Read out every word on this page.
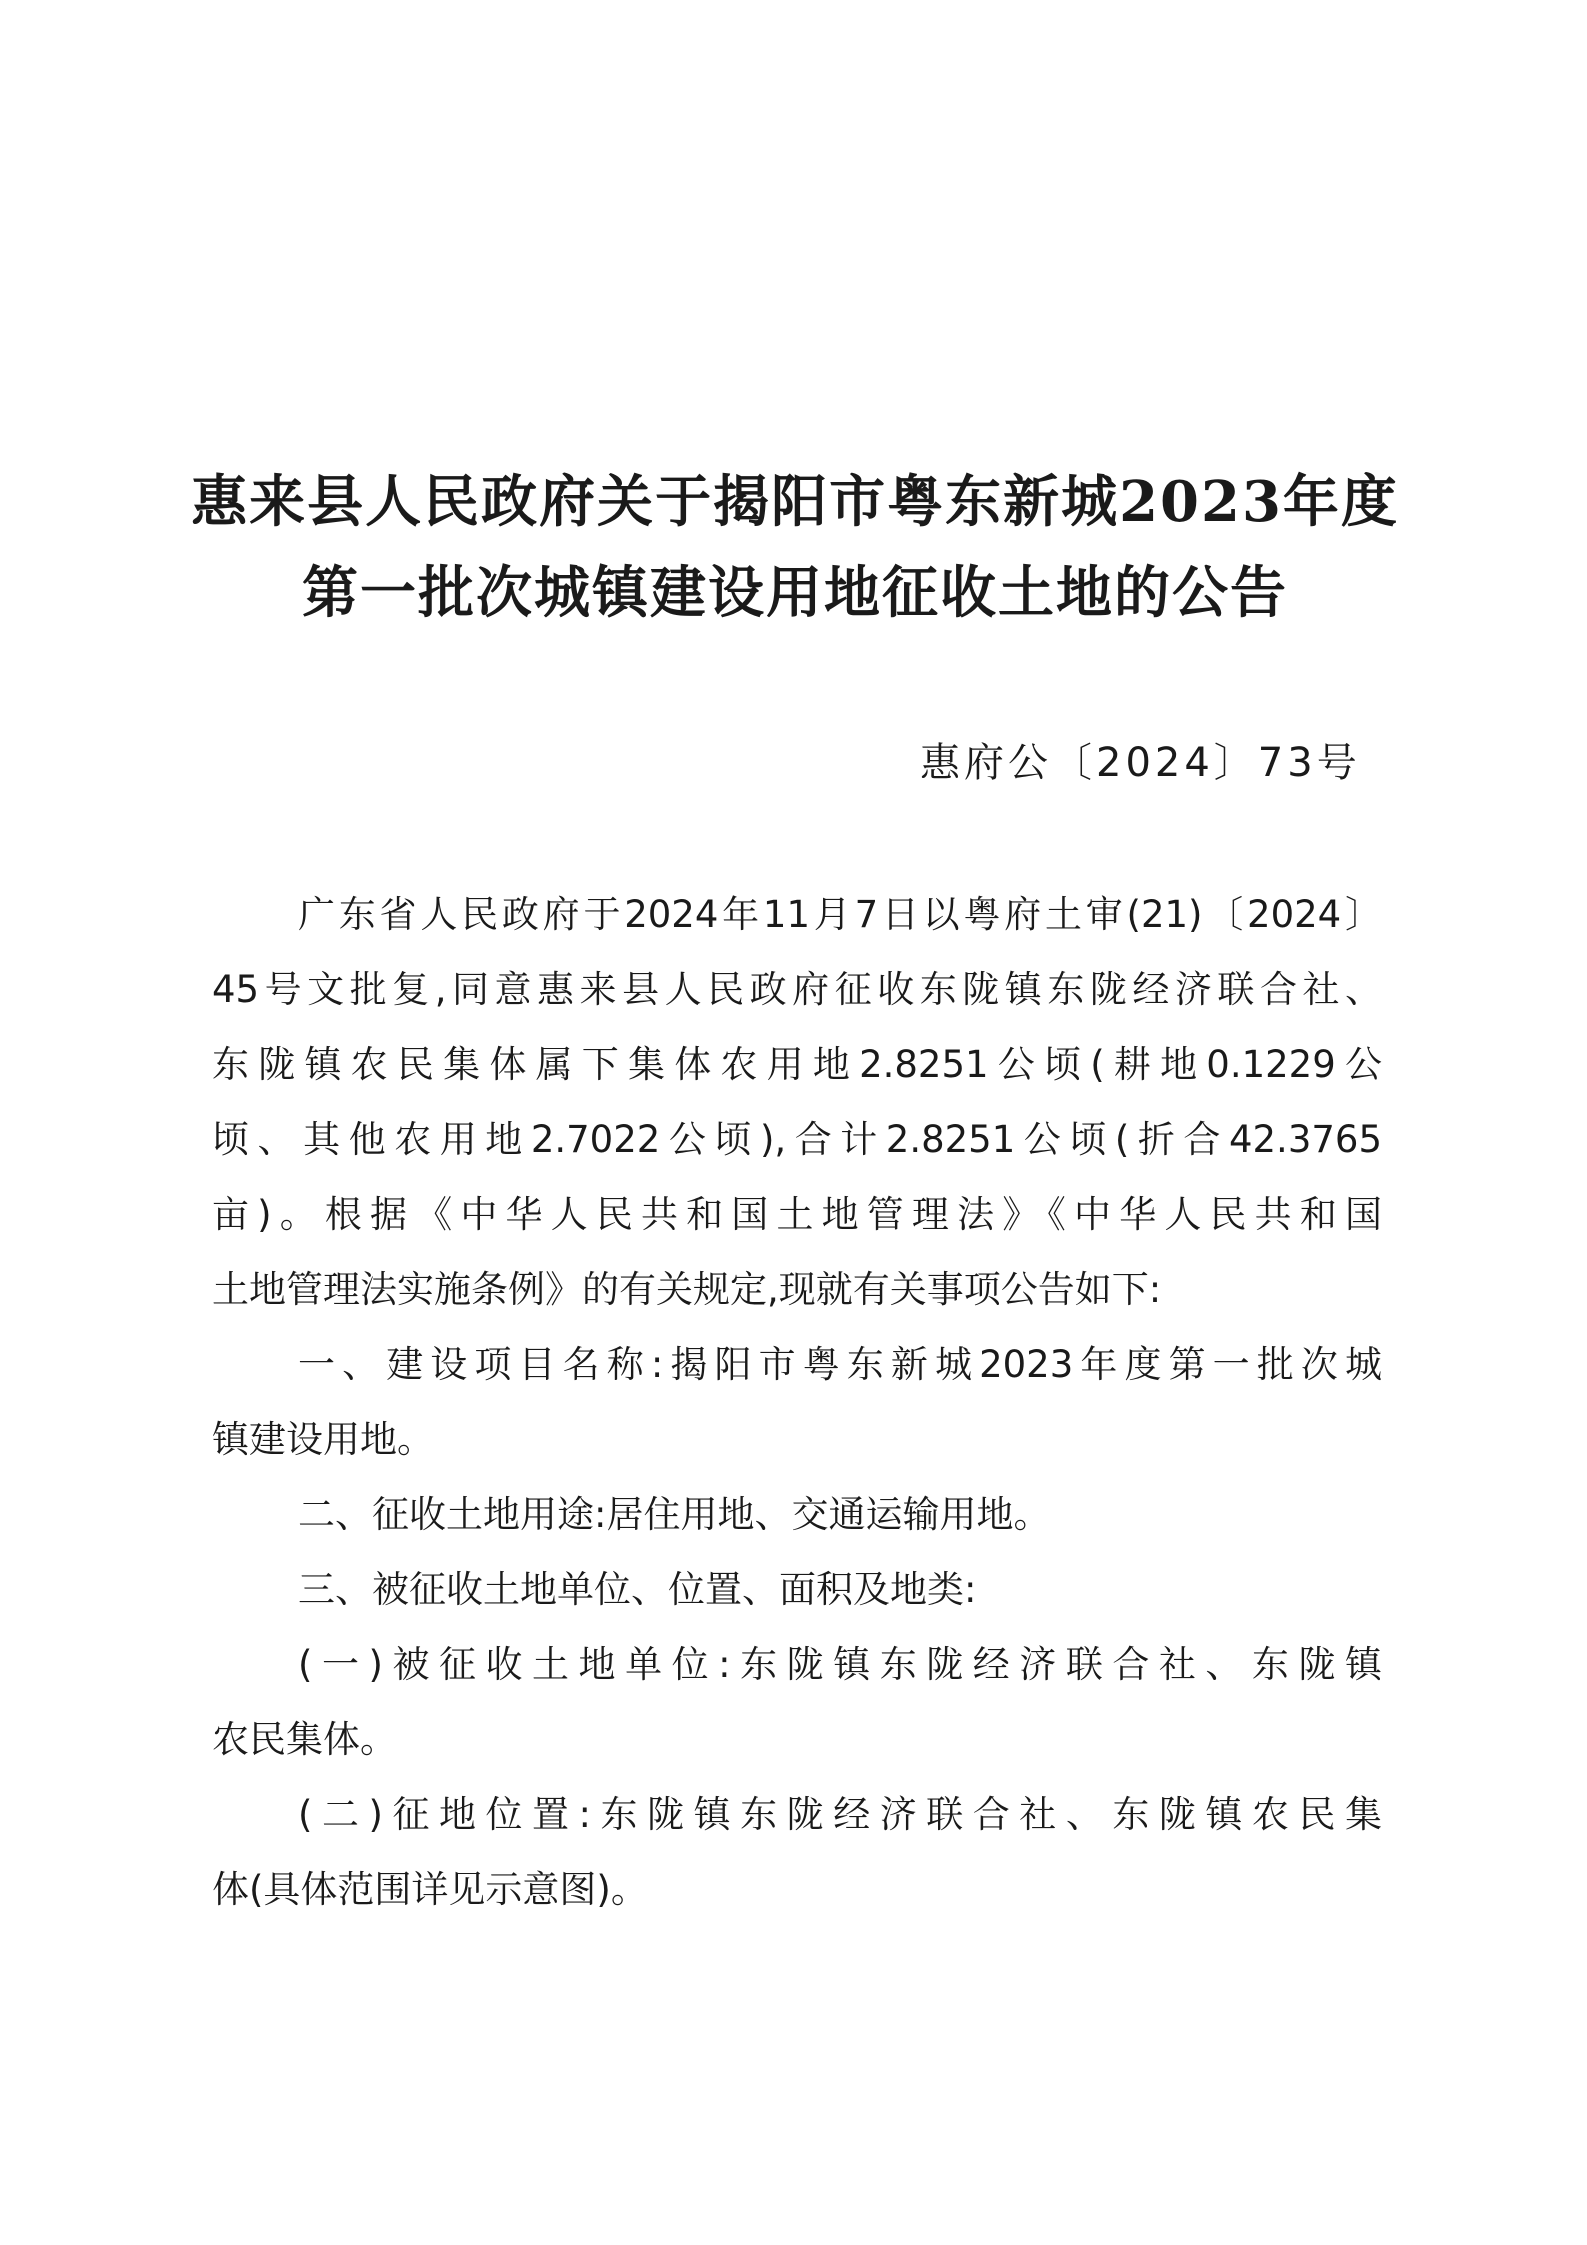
惠来县人民政府关于揭阳市粤东新城2023年度
第一批次城镇建设用地征收土地的公告
惠府公〔2024〕73号
广东省人民政府于2024年11月7日以粤府土审(21)〔2024〕
45号文批复,同意惠来县人民政府征收东陇镇东陇经济联合社、
东陇镇农民集体属下集体农用地2.8251公顷(耕地0.1229公
顷、其他农用地2.7022公顷),合计2.8251公顷(折合42.3765
亩)。根据《中华人民共和国土地管理法》《中华人民共和国
土地管理法实施条例》的有关规定,现就有关事项公告如下:
一、建设项目名称:揭阳市粤东新城2023年度第一批次城
镇建设用地。
二、征收土地用途:居住用地、交通运输用地。
三、被征收土地单位、位置、面积及地类:
(一)被征收土地单位:东陇镇东陇经济联合社、东陇镇
农民集体。
(二)征地位置:东陇镇东陇经济联合社、东陇镇农民集
体(具体范围详见示意图)。
